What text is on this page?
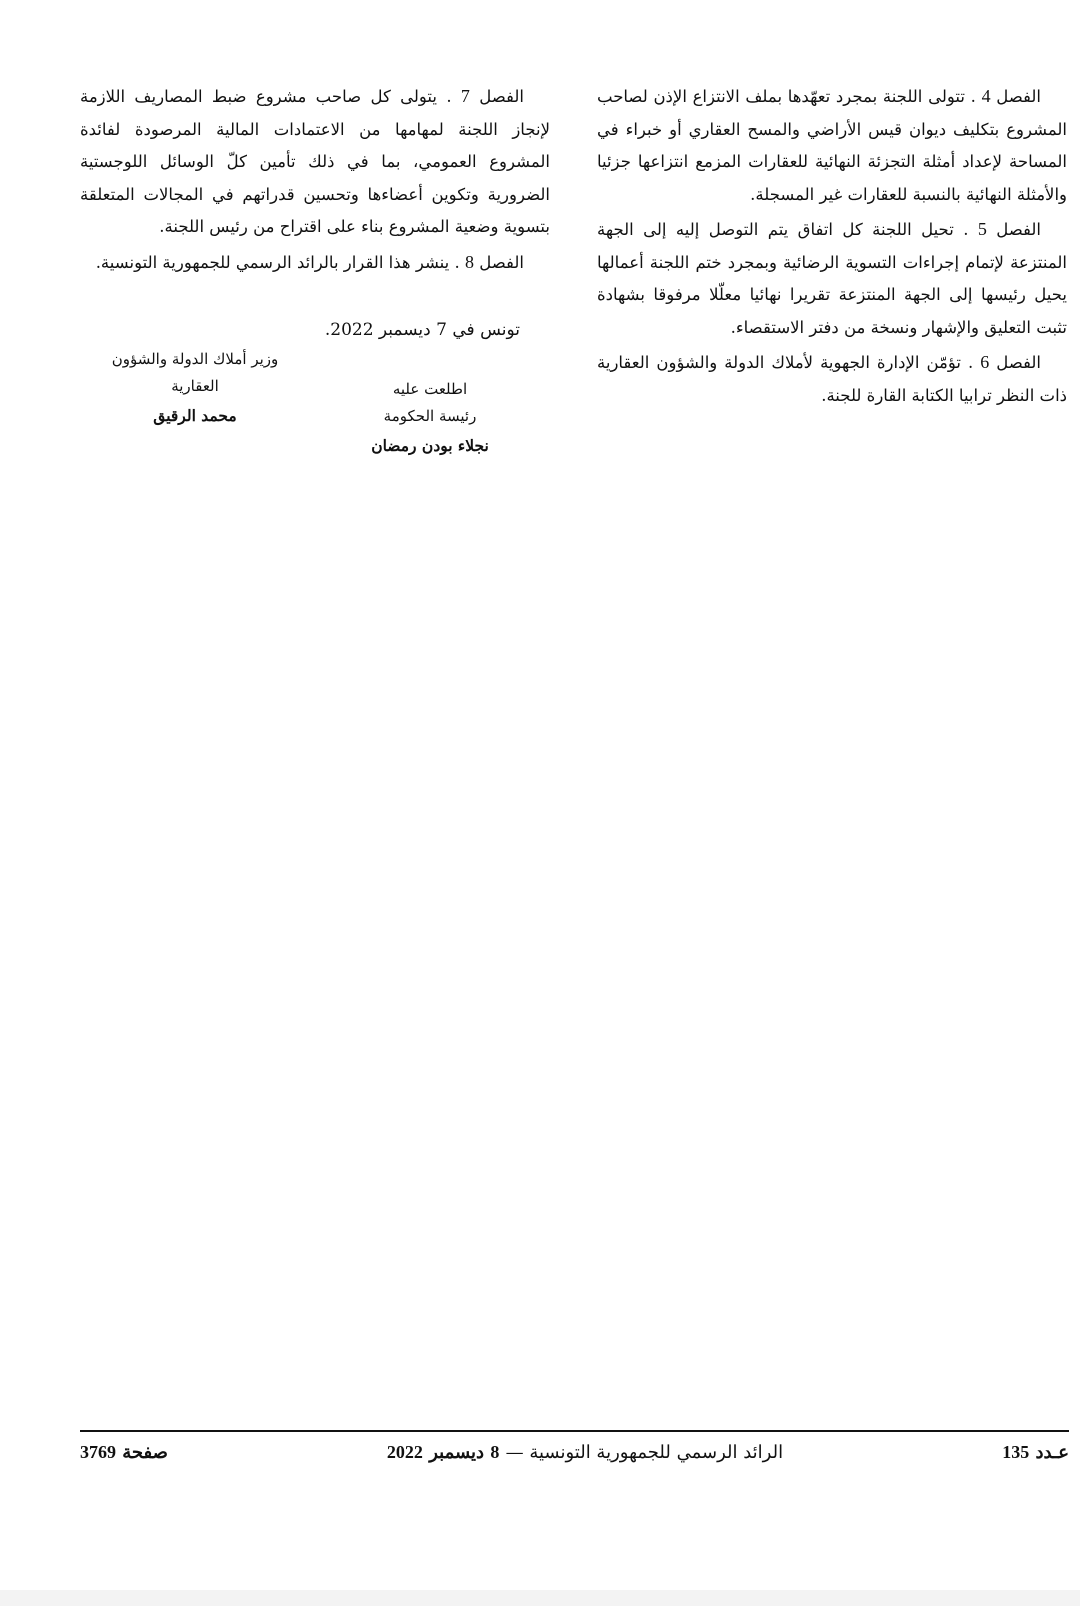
الفصل 4 . تتولى اللجنة بمجرد تعهّدها بملف الانتزاع الإذن لصاحب المشروع بتكليف ديوان قيس الأراضي والمسح العقاري أو خبراء في المساحة لإعداد أمثلة التجزئة النهائية للعقارات المزمع انتزاعها جزئيا والأمثلة النهائية بالنسبة للعقارات غير المسجلة.

الفصل 5 . تحيل اللجنة كل اتفاق يتم التوصل إليه إلى الجهة المنتزعة لإتمام إجراءات التسوية الرضائية وبمجرد ختم اللجنة أعمالها يحيل رئيسها إلى الجهة المنتزعة تقريرا نهائيا معلّلا مرفوقا بشهادة تثبت التعليق والإشهار ونسخة من دفتر الاستقصاء.

الفصل 6 . تؤمّن الإدارة الجهوية لأملاك الدولة والشؤون العقارية ذات النظر ترابيا الكتابة القارة للجنة.

الفصل 7 . يتولى كل صاحب مشروع ضبط المصاريف اللازمة لإنجاز اللجنة لمهامها من الاعتمادات المالية المرصودة لفائدة المشروع العمومي، بما في ذلك تأمين كلّ الوسائل اللوجستية الضرورية وتكوين أعضاءها وتحسين قدراتهم في المجالات المتعلقة بتسوية وضعية المشروع بناء على اقتراح من رئيس اللجنة.

الفصل 8 . ينشر هذا القرار بالرائد الرسمي للجمهورية التونسية.

تونس في 7 ديسمبر 2022.
وزير أملاك الدولة والشؤون
العقارية
محمد الرقيق
اطلعت عليه
رئيسة الحكومة
نجلاء بودن رمضان
عـدد 135
الرائد الرسمي للجمهورية التونسية — 8 ديسمبر 2022
صفحة 3769
